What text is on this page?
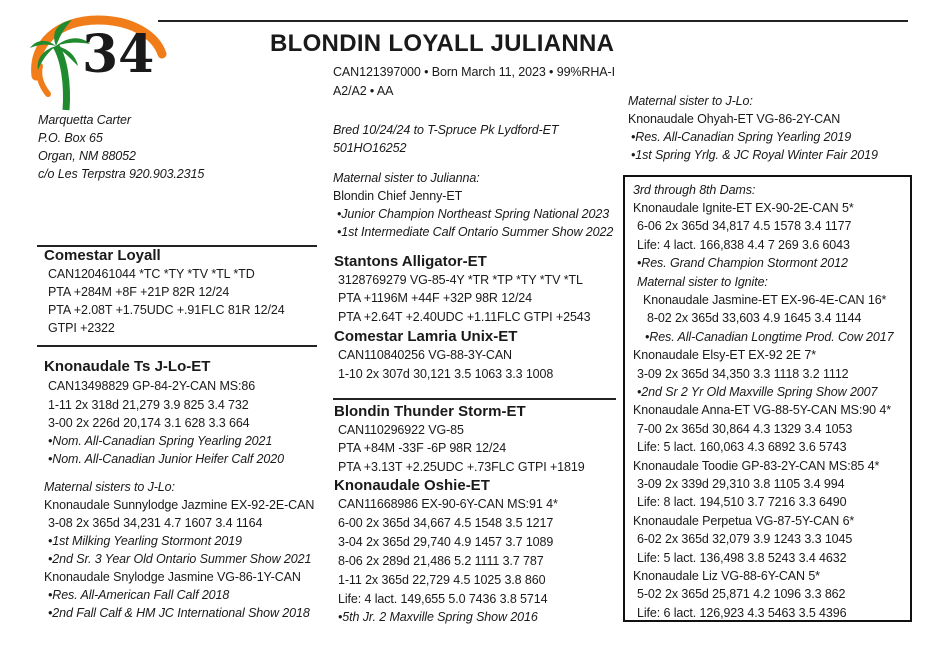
34	BLONDIN LOYALL JULIANNA
CAN121397000 • Born March 11, 2023 • 99%RHA-I
A2/A2 • AA
Marquetta Carter
P.O. Box 65
Organ, NM 88052
c/o Les Terpstra 920.903.2315
Bred 10/24/24 to T-Spruce Pk Lydford-ET
501HO16252
Maternal sister to Julianna:
Blondin Chief Jenny-ET
•Junior Champion Northeast Spring National 2023
•1st Intermediate Calf Ontario Summer Show 2022
Comestar Loyall
CAN120461044 *TC *TY *TV *TL *TD
PTA +284M +8F +21P 82R 12/24
PTA +2.08T +1.75UDC +.91FLC 81R 12/24
GTPI +2322
Knonaudale Ts J-Lo-ET
CAN13498829 GP-84-2Y-CAN MS:86
1-11 2x 318d 21,279 3.9 825 3.4 732
3-00 2x 226d 20,174 3.1 628 3.3 664
•Nom. All-Canadian Spring Yearling 2021
•Nom. All-Canadian Junior Heifer Calf 2020
Maternal sisters to J-Lo:
Knonaudale Sunnylodge Jazmine EX-92-2E-CAN
3-08 2x 365d 34,231 4.7 1607 3.4 1164
•1st Milking Yearling Stormont 2019
•2nd Sr. 3 Year Old Ontario Summer Show 2021
Knonaudale Snylodge Jasmine VG-86-1Y-CAN
•Res. All-American Fall Calf 2018
•2nd Fall Calf & HM JC International Show 2018
Stantons Alligator-ET
3128769279 VG-85-4Y *TR *TP *TY *TV *TL
PTA +1196M +44F +32P 98R 12/24
PTA +2.64T +2.40UDC +1.11FLC GTPI +2543
Comestar Lamria Unix-ET
CAN110840256 VG-88-3Y-CAN
1-10 2x 307d 30,121 3.5 1063 3.3 1008
Blondin Thunder Storm-ET
CAN110296922 VG-85
PTA +84M -33F -6P 98R 12/24
PTA +3.13T +2.25UDC +.73FLC GTPI +1819
Knonaudale Oshie-ET
CAN11668986 EX-90-6Y-CAN MS:91 4*
6-00 2x 365d 34,667 4.5 1548 3.5 1217
3-04 2x 365d 29,740 4.9 1457 3.7 1089
8-06 2x 289d 21,486 5.2 1111 3.7 787
1-11 2x 365d 22,729 4.5 1025 3.8 860
Life: 4 lact. 149,655 5.0 7436 3.8 5714
•5th Jr. 2 Maxville Spring Show 2016
Maternal sister to J-Lo:
Knonaudale Ohyah-ET VG-86-2Y-CAN
•Res. All-Canadian Spring Yearling 2019
•1st Spring Yrlg. & JC Royal Winter Fair 2019
3rd through 8th Dams:
Knonaudale Ignite-ET EX-90-2E-CAN 5*
6-06 2x 365d 34,817 4.5 1578 3.4 1177
Life: 4 lact. 166,838 4.4 7 269 3.6 6043
•Res. Grand Champion Stormont 2012
Maternal sister to Ignite:
Knonaudale Jasmine-ET EX-96-4E-CAN 16*
8-02 2x 365d 33,603 4.9 1645 3.4 1144
•Res. All-Canadian Longtime Prod. Cow 2017
Knonaudale Elsy-ET EX-92 2E 7*
3-09 2x 365d 34,350 3.3 1118 3.2 1112
•2nd Sr 2 Yr Old Maxville Spring Show 2007
Knonaudale Anna-ET VG-88-5Y-CAN MS:90 4*
7-00 2x 365d 30,864 4.3 1329 3.4 1053
Life: 5 lact. 160,063 4.3 6892 3.6 5743
Knonaudale Toodie GP-83-2Y-CAN MS:85 4*
3-09 2x 339d 29,310 3.8 1105 3.4 994
Life: 8 lact. 194,510 3.7 7216 3.3 6490
Knonaudale Perpetua VG-87-5Y-CAN 6*
6-02 2x 365d 32,079 3.9 1243 3.3 1045
Life: 5 lact. 136,498 3.8 5243 3.4 4632
Knonaudale Liz VG-88-6Y-CAN 5*
5-02 2x 365d 25,871 4.2 1096 3.3 862
Life: 6 lact. 126,923 4.3 5463 3.5 4396
